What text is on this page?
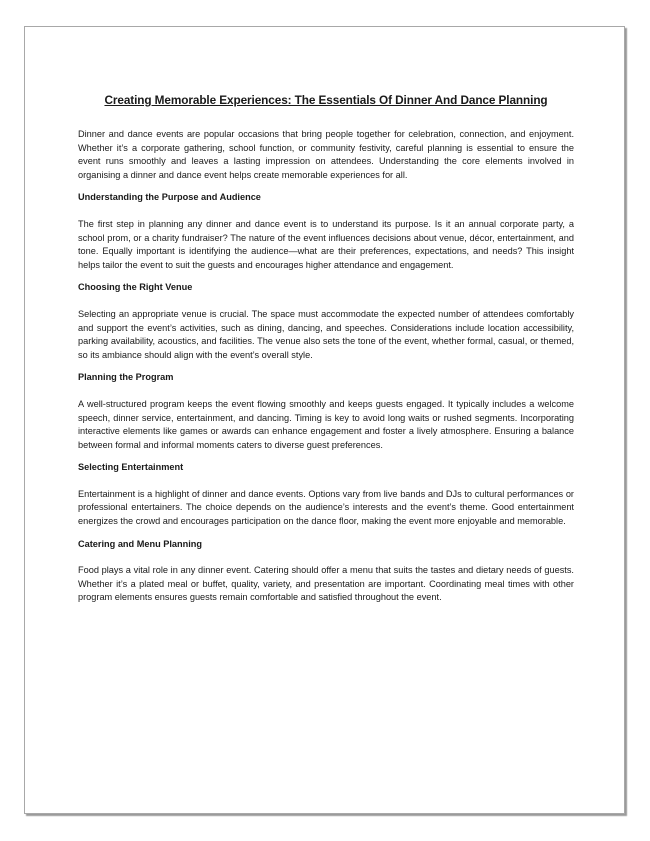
Creating Memorable Experiences: The Essentials Of Dinner And Dance Planning

Dinner and dance events are popular occasions that bring people together for celebration, connection, and enjoyment. Whether it’s a corporate gathering, school function, or community festivity, careful planning is essential to ensure the event runs smoothly and leaves a lasting impression on attendees. Understanding the core elements involved in organising a dinner and dance event helps create memorable experiences for all.

Understanding the Purpose and Audience

The first step in planning any dinner and dance event is to understand its purpose. Is it an annual corporate party, a school prom, or a charity fundraiser? The nature of the event influences decisions about venue, décor, entertainment, and tone. Equally important is identifying the audience—what are their preferences, expectations, and needs? This insight helps tailor the event to suit the guests and encourages higher attendance and engagement.

Choosing the Right Venue

Selecting an appropriate venue is crucial. The space must accommodate the expected number of attendees comfortably and support the event’s activities, such as dining, dancing, and speeches. Considerations include location accessibility, parking availability, acoustics, and facilities. The venue also sets the tone of the event, whether formal, casual, or themed, so its ambiance should align with the event’s overall style.

Planning the Program

A well-structured program keeps the event flowing smoothly and keeps guests engaged. It typically includes a welcome speech, dinner service, entertainment, and dancing. Timing is key to avoid long waits or rushed segments. Incorporating interactive elements like games or awards can enhance engagement and foster a lively atmosphere. Ensuring a balance between formal and informal moments caters to diverse guest preferences.

Selecting Entertainment

Entertainment is a highlight of dinner and dance events. Options vary from live bands and DJs to cultural performances or professional entertainers. The choice depends on the audience’s interests and the event’s theme. Good entertainment energizes the crowd and encourages participation on the dance floor, making the event more enjoyable and memorable.

Catering and Menu Planning

Food plays a vital role in any dinner event. Catering should offer a menu that suits the tastes and dietary needs of guests. Whether it’s a plated meal or buffet, quality, variety, and presentation are important. Coordinating meal times with other program elements ensures guests remain comfortable and satisfied throughout the event.
